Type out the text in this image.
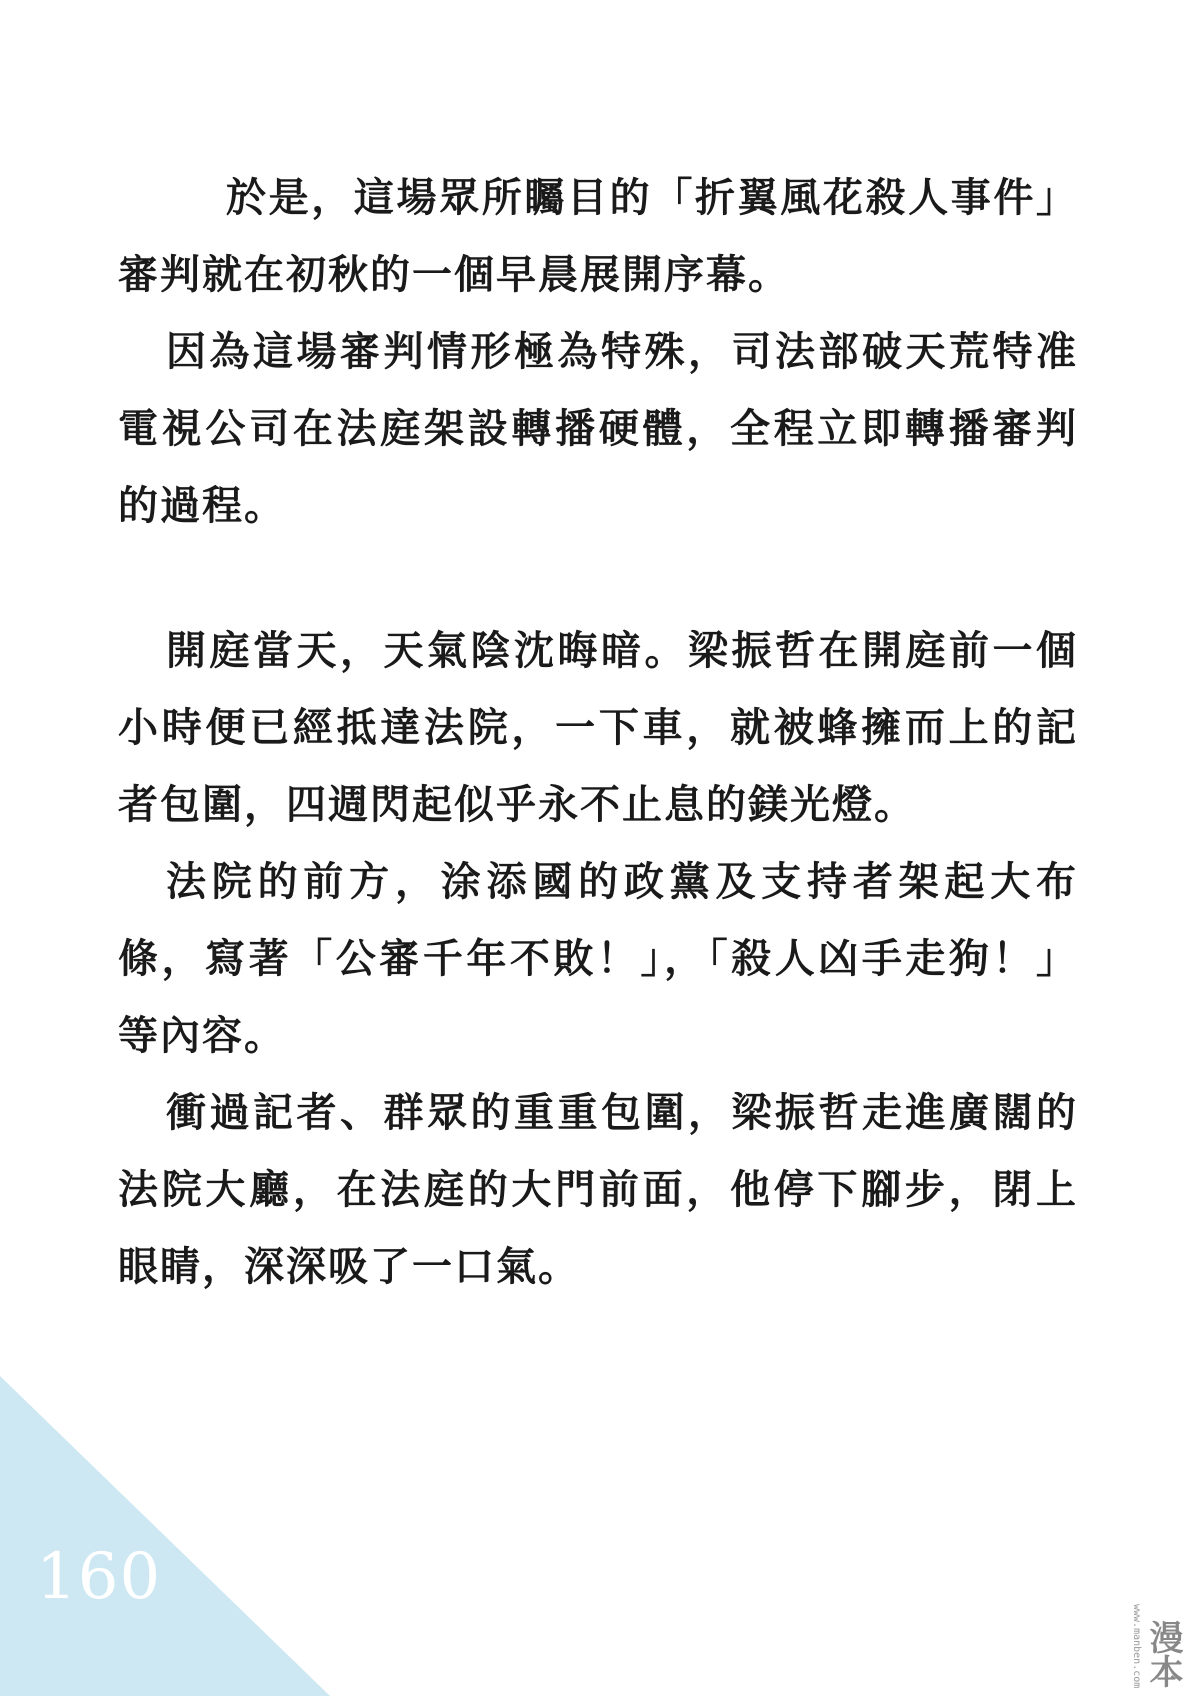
於是，這場眾所矚目的「折翼風花殺人事件」審判就在初秋的一個早晨展開序幕。

因為這場審判情形極為特殊，司法部破天荒特准電視公司在法庭架設轉播硬體，全程立即轉播審判的過程。

開庭當天，天氣陰沈晦暗。梁振哲在開庭前一個小時便已經抵達法院，一下車，就被蜂擁而上的記者包圍，四週閃起似乎永不止息的鎂光燈。

法院的前方，涂添國的政黨及支持者架起大布條，寫著「公審千年不敗！」，「殺人凶手走狗！」等內容。

衝過記者、群眾的重重包圍，梁振哲走進廣闊的法院大廳，在法庭的大門前面，他停下腳步，閉上眼睛，深深吸了一口氣。

160
www.manben.com 漫本
